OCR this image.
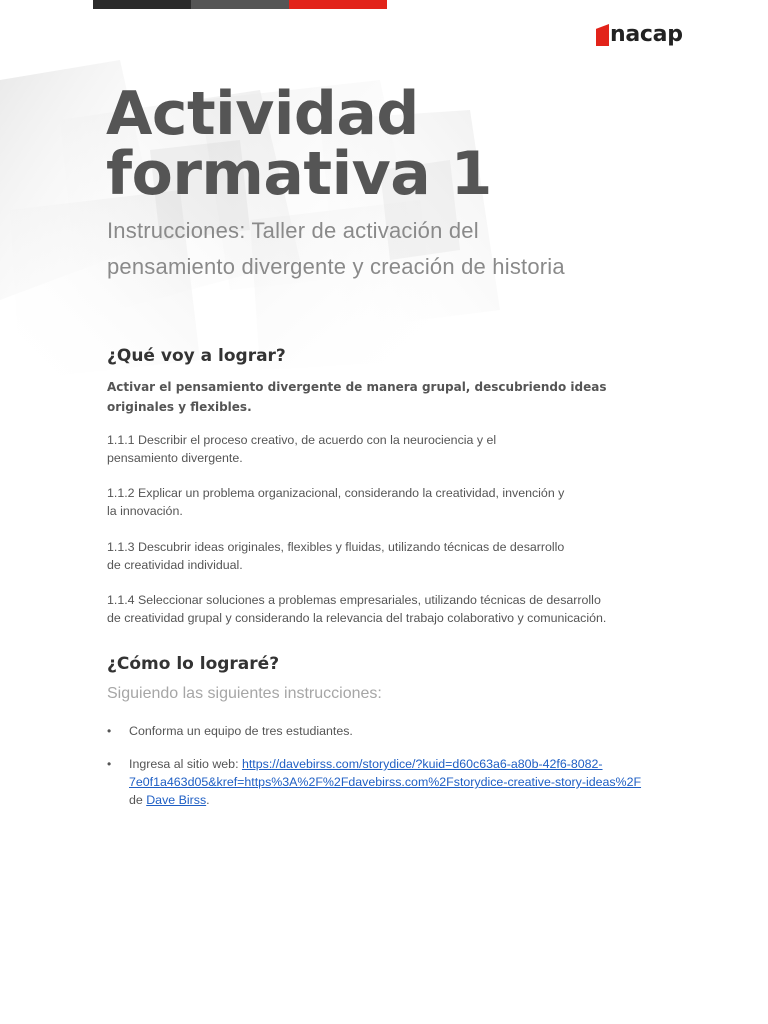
nacap
Actividad
formativa 1

Instrucciones: Taller de activación del
pensamiento divergente y creación de historia

¿Qué voy a lograr?

Activar el pensamiento divergente de manera grupal, descubriendo ideas originales y flexibles.

1.1.1 Describir el proceso creativo, de acuerdo con la neurociencia y el
pensamiento divergente.

1.1.2 Explicar un problema organizacional, considerando la creatividad, invención y
la innovación.

1.1.3 Descubrir ideas originales, flexibles y fluidas, utilizando técnicas de desarrollo
de creatividad individual.

1.1.4 Seleccionar soluciones a problemas empresariales, utilizando técnicas de desarrollo
de creatividad grupal y considerando la relevancia del trabajo colaborativo y comunicación.

¿Cómo lo lograré?

Siguiendo las siguientes instrucciones:

• Conforma un equipo de tres estudiantes.
• Ingresa al sitio web: https://davebirss.com/storydice/?kuid=d60c63a6-a80b-42f6-8082-
7e0f1a463d05&kref=https%3A%2F%2Fdavebirss.com%2Fstorydice-creative-story-ideas%2F
de Dave Birss.
